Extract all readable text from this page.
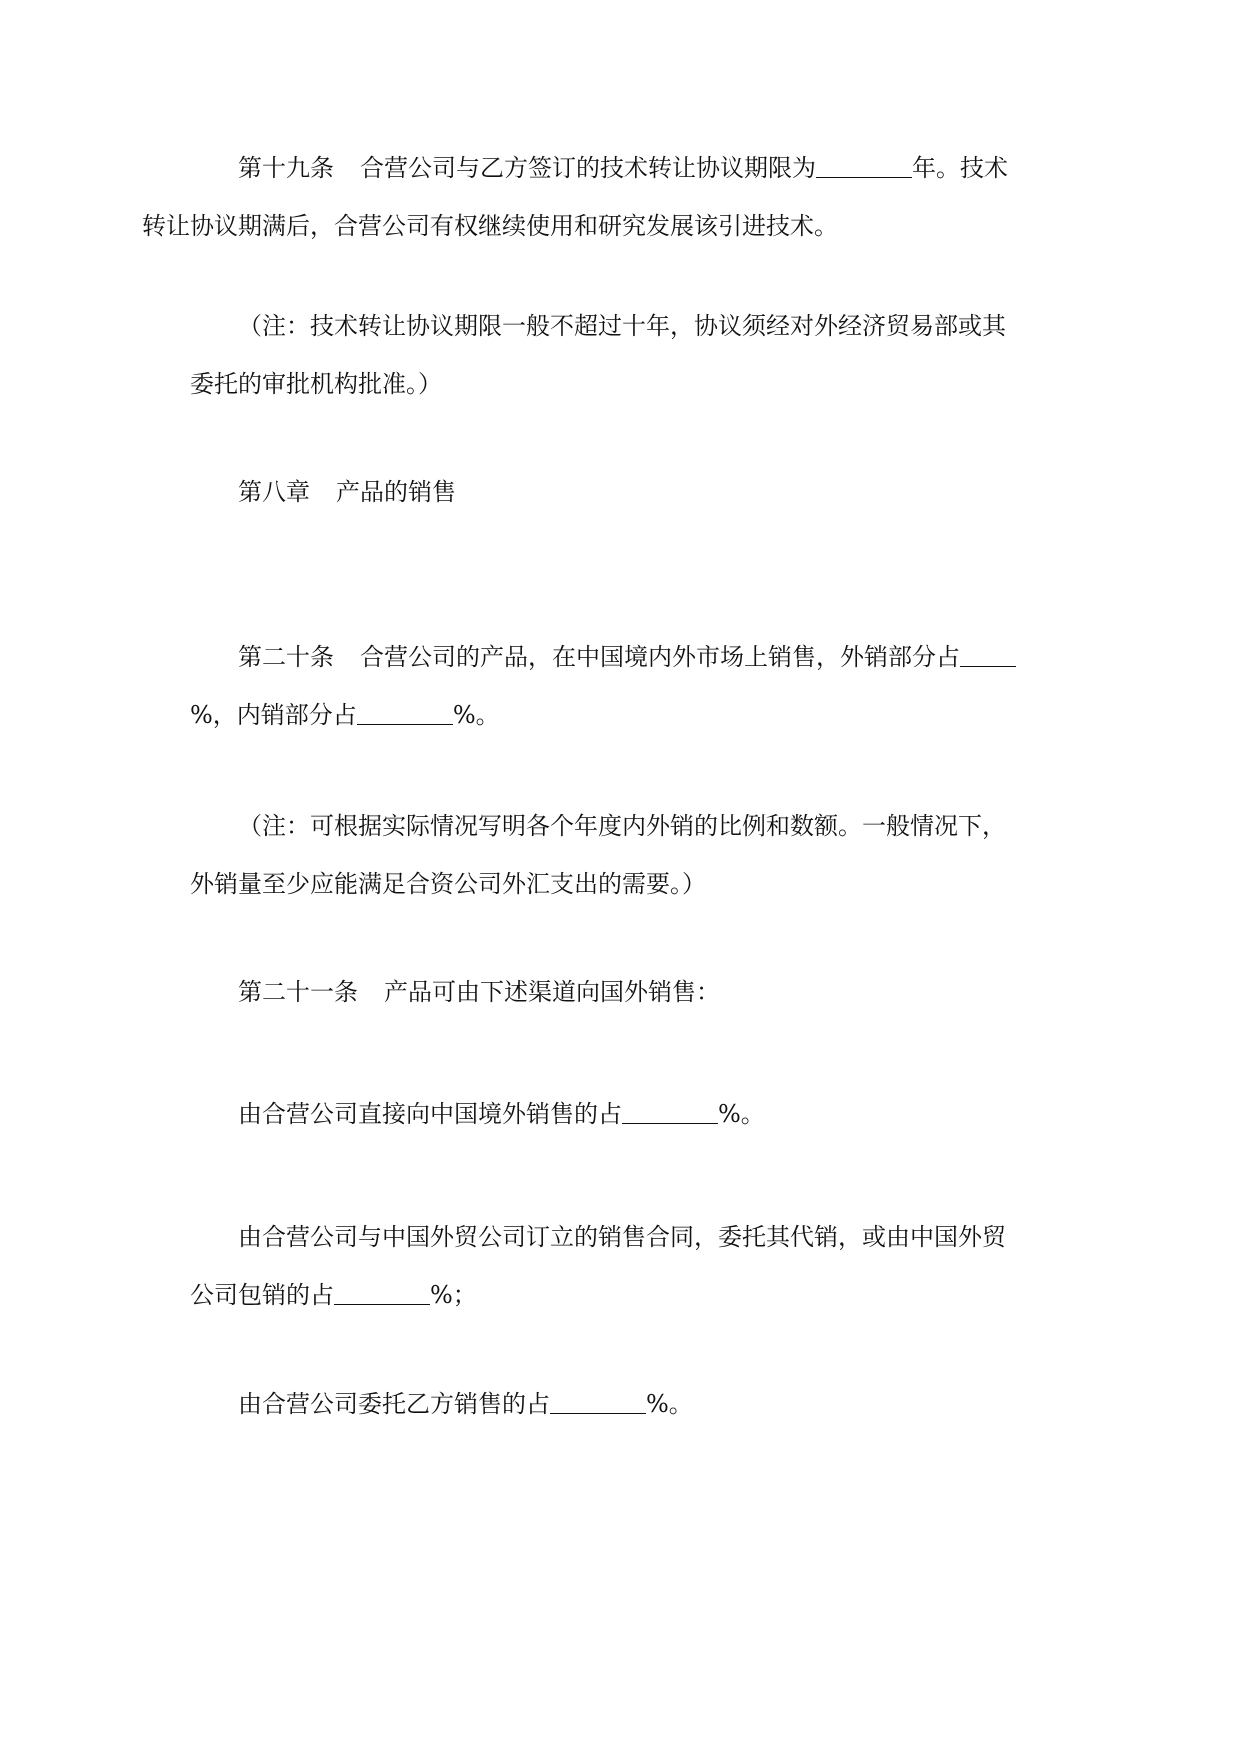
第十九条 合营公司与乙方签订的技术转让协议期限为	年。技术
转让协议期满后，合营公司有权继续使用和研究发展该引进技术。

（注：技术转让协议期限一般不超过十年，协议须经对外经济贸易部或其
委托的审批机构批准。）

第八章 产品的销售

第二十条 合营公司的产品，在中国境内外市场上销售，外销部分占
%，内销部分占	%。

（注：可根据实际情况写明各个年度内外销的比例和数额。一般情况下，
外销量至少应能满足合资公司外汇支出的需要。）

第二十一条 产品可由下述渠道向国外销售：

由合营公司直接向中国境外销售的占	%。

由合营公司与中国外贸公司订立的销售合同，委托其代销，或由中国外贸
公司包销的占	%；

由合营公司委托乙方销售的占	%。
